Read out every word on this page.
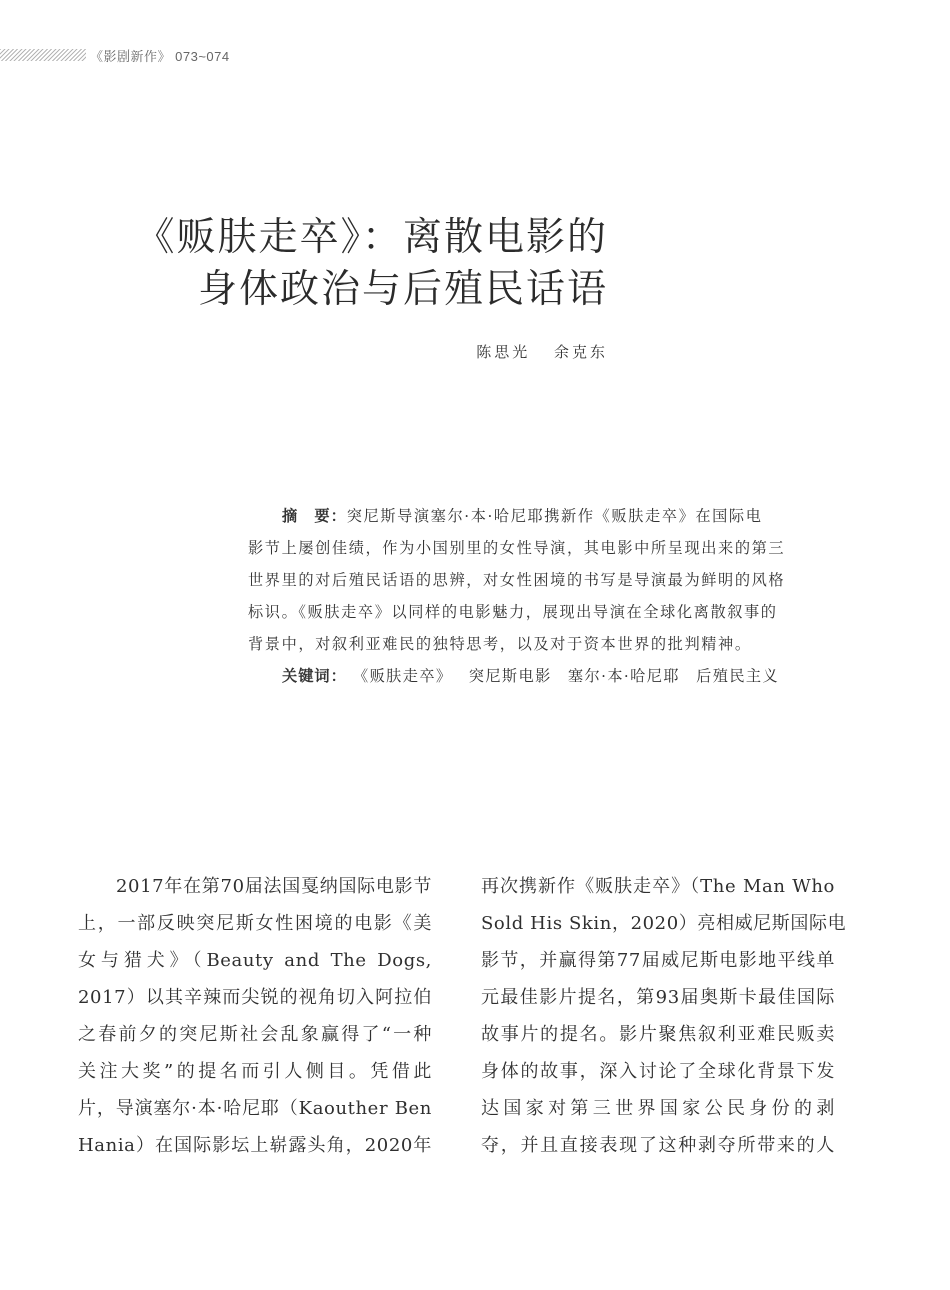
《影剧新作》 073~074
《贩肤走卒》：离散电影的
身体政治与后殖民话语
陈思光 余克东
摘　要：突尼斯导演塞尔·本·哈尼耶携新作《贩肤走卒》在国际电
影节上屡创佳绩，作为小国别里的女性导演，其电影中所呈现出来的第三
世界里的对后殖民话语的思辨，对女性困境的书写是导演最为鲜明的风格
标识。《贩肤走卒》以同样的电影魅力，展现出导演在全球化离散叙事的
背景中，对叙利亚难民的独特思考，以及对于资本世界的批判精神。
关键词： 《贩肤走卒》 突尼斯电影 塞尔·本·哈尼耶 后殖民主义
2017年在第70届法国戛纳国际电影节
上，一部反映突尼斯女性困境的电影《美
女与猎犬》（Beauty and The Dogs,
2017）以其辛辣而尖锐的视角切入阿拉伯
之春前夕的突尼斯社会乱象赢得了“一种
关注大奖”的提名而引人侧目。凭借此
片，导演塞尔·本·哈尼耶（Kaouther Ben
Hania）在国际影坛上崭露头角，2020年
再次携新作《贩肤走卒》（The Man Who
Sold His Skin，2020）亮相威尼斯国际电
影节，并赢得第77届威尼斯电影地平线单
元最佳影片提名，第93届奥斯卡最佳国际
故事片的提名。影片聚焦叙利亚难民贩卖
身体的故事，深入讨论了全球化背景下发
达国家对第三世界国家公民身份的剥
夺，并且直接表现了这种剥夺所带来的人
